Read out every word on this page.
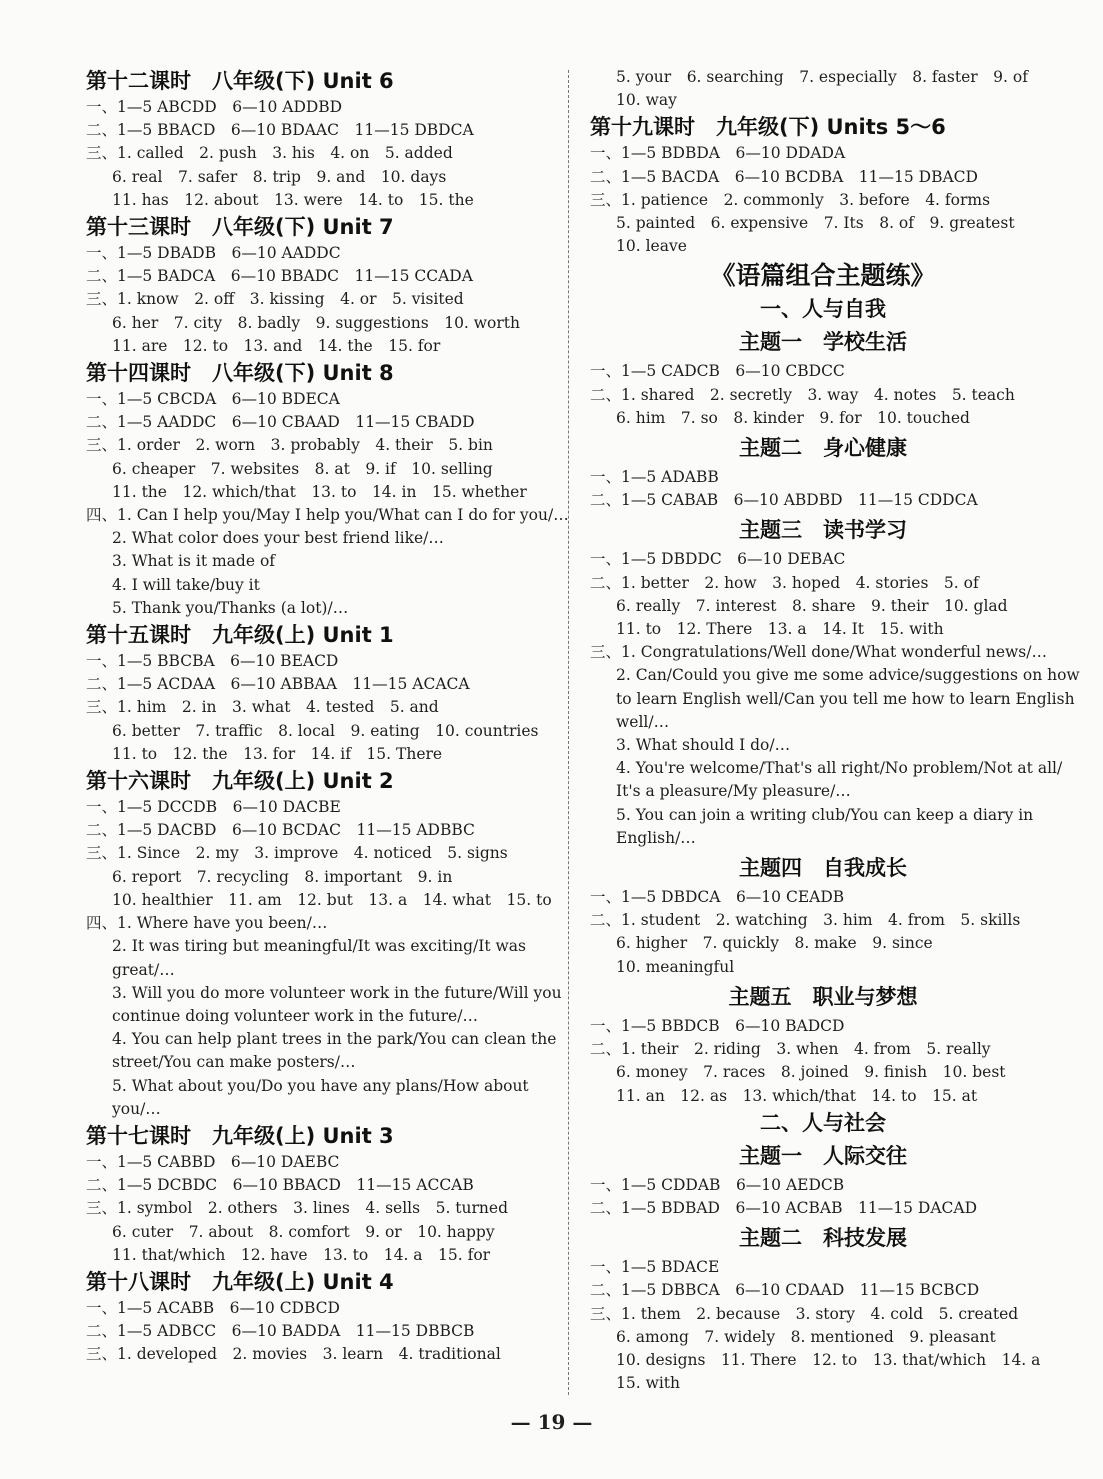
第十二课时　八年级(下) Unit 6
一、1—5 ABCDD　6—10 ADDBD
二、1—5 BBACD　6—10 BDAAC　11—15 DBDCA
三、1. called　2. push　3. his　4. on　5. added
6. real　7. safer　8. trip　9. and　10. days
11. has　12. about　13. were　14. to　15. the
第十三课时　八年级(下) Unit 7
一、1—5 DBADB　6—10 AADDC
二、1—5 BADCA　6—10 BBADC　11—15 CCADA
三、1. know　2. off　3. kissing　4. or　5. visited
6. her　7. city　8. badly　9. suggestions　10. worth
11. are　12. to　13. and　14. the　15. for
第十四课时　八年级(下) Unit 8
一、1—5 CBCDA　6—10 BDECA
二、1—5 AADDC　6—10 CBAAD　11—15 CBADD
三、1. order　2. worn　3. probably　4. their　5. bin
6. cheaper　7. websites　8. at　9. if　10. selling
11. the　12. which/that　13. to　14. in　15. whether
四、1. Can I help you/May I help you/What can I do for you/…
2. What color does your best friend like/…
3. What is it made of
4. I will take/buy it
5. Thank you/Thanks (a lot)/…
第十五课时　九年级(上) Unit 1
一、1—5 BBCBA　6—10 BEACD
二、1—5 ACDAA　6—10 ABBAA　11—15 ACACA
三、1. him　2. in　3. what　4. tested　5. and
6. better　7. traffic　8. local　9. eating　10. countries
11. to　12. the　13. for　14. if　15. There
第十六课时　九年级(上) Unit 2
一、1—5 DCCDB　6—10 DACBE
二、1—5 DACBD　6—10 BCDAC　11—15 ADBBC
三、1. Since　2. my　3. improve　4. noticed　5. signs
6. report　7. recycling　8. important　9. in
10. healthier　11. am　12. but　13. a　14. what　15. to
四、1. Where have you been/…
2. It was tiring but meaningful/It was exciting/It was
great/…
3. Will you do more volunteer work in the future/Will you
continue doing volunteer work in the future/…
4. You can help plant trees in the park/You can clean the
street/You can make posters/…
5. What about you/Do you have any plans/How about
you/…
第十七课时　九年级(上) Unit 3
一、1—5 CABBD　6—10 DAEBC
二、1—5 DCBDC　6—10 BBACD　11—15 ACCAB
三、1. symbol　2. others　3. lines　4. sells　5. turned
6. cuter　7. about　8. comfort　9. or　10. happy
11. that/which　12. have　13. to　14. a　15. for
第十八课时　九年级(上) Unit 4
一、1—5 ACABB　6—10 CDBCD
二、1—5 ADBCC　6—10 BADDA　11—15 DBBCB
三、1. developed　2. movies　3. learn　4. traditional
5. your　6. searching　7. especially　8. faster　9. of
10. way
第十九课时　九年级(下) Units 5～6
一、1—5 BDBDA　6—10 DDADA
二、1—5 BACDA　6—10 BCDBA　11—15 DBACD
三、1. patience　2. commonly　3. before　4. forms
5. painted　6. expensive　7. Its　8. of　9. greatest
10. leave
《语篇组合主题练》
一、人与自我
主题一　学校生活
一、1—5 CADCB　6—10 CBDCC
二、1. shared　2. secretly　3. way　4. notes　5. teach
6. him　7. so　8. kinder　9. for　10. touched
主题二　身心健康
一、1—5 ADABB
二、1—5 CABAB　6—10 ABDBD　11—15 CDDCA
主题三　读书学习
一、1—5 DBDDC　6—10 DEBAC
二、1. better　2. how　3. hoped　4. stories　5. of
6. really　7. interest　8. share　9. their　10. glad
11. to　12. There　13. a　14. It　15. with
三、1. Congratulations/Well done/What wonderful news/…
2. Can/Could you give me some advice/suggestions on how
to learn English well/Can you tell me how to learn English
well/…
3. What should I do/…
4. You're welcome/That's all right/No problem/Not at all/
It's a pleasure/My pleasure/…
5. You can join a writing club/You can keep a diary in
English/…
主题四　自我成长
一、1—5 DBDCA　6—10 CEADB
二、1. student　2. watching　3. him　4. from　5. skills
6. higher　7. quickly　8. make　9. since
10. meaningful
主题五　职业与梦想
一、1—5 BBDCB　6—10 BADCD
二、1. their　2. riding　3. when　4. from　5. really
6. money　7. races　8. joined　9. finish　10. best
11. an　12. as　13. which/that　14. to　15. at
二、人与社会
主题一　人际交往
一、1—5 CDDAB　6—10 AEDCB
二、1—5 BDBAD　6—10 ACBAB　11—15 DACAD
主题二　科技发展
一、1—5 BDACE
二、1—5 DBBCA　6—10 CDAAD　11—15 BCBCD
三、1. them　2. because　3. story　4. cold　5. created
6. among　7. widely　8. mentioned　9. pleasant
10. designs　11. There　12. to　13. that/which　14. a
15. with
— 19 —
